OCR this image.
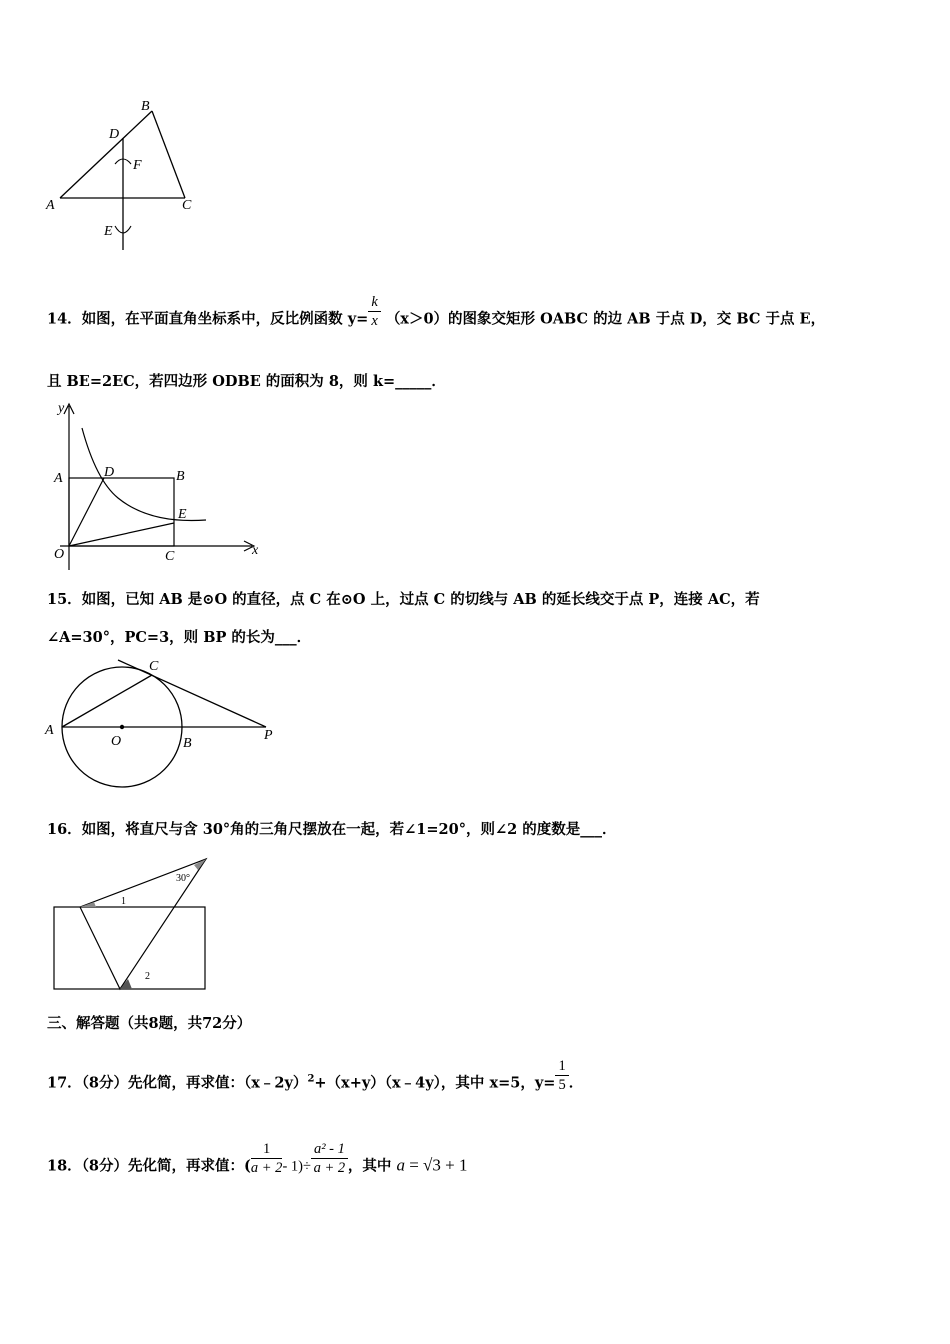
A
B
C
D
E
F
14．如图，在平面直角坐标系中，反比例函数 $y= \frac{k}{x} (x>0)$的图象交矩形 OABC 的边 AB 于点 D，交 BC 于点 E，
且 BE=2EC，若四边形 ODBE 的面积为 8，则 k=_____．
y
A	D	B
E
O	C	x
15．如图，已知 AB 是⊙O 的直径，点 C 在⊙O 上，过点 C 的切线与 AB 的延长线交于点 P，连接 AC，若
∠A=30°，PC=3，则 BP 的长为___．
C
A
O	B
P
16．如图，将直尺与含 30°角的三角尺摆放在一起，若∠1=20°，则∠2 的度数是___．
30°
1
2
三、解答题（共8题，共72分）
17．（8分）先化简，再求值：（x﹣2y）$^2$+（x+y）（x﹣4y），其中 x=5，$y= \frac{1}{5}$ ．
18．（8分）先化简，再求值：( $\frac{1}{a + 2} - 1)\div \frac{\text{a² - 1}}{a + 2}$ ，其中 a = √3 + 1
